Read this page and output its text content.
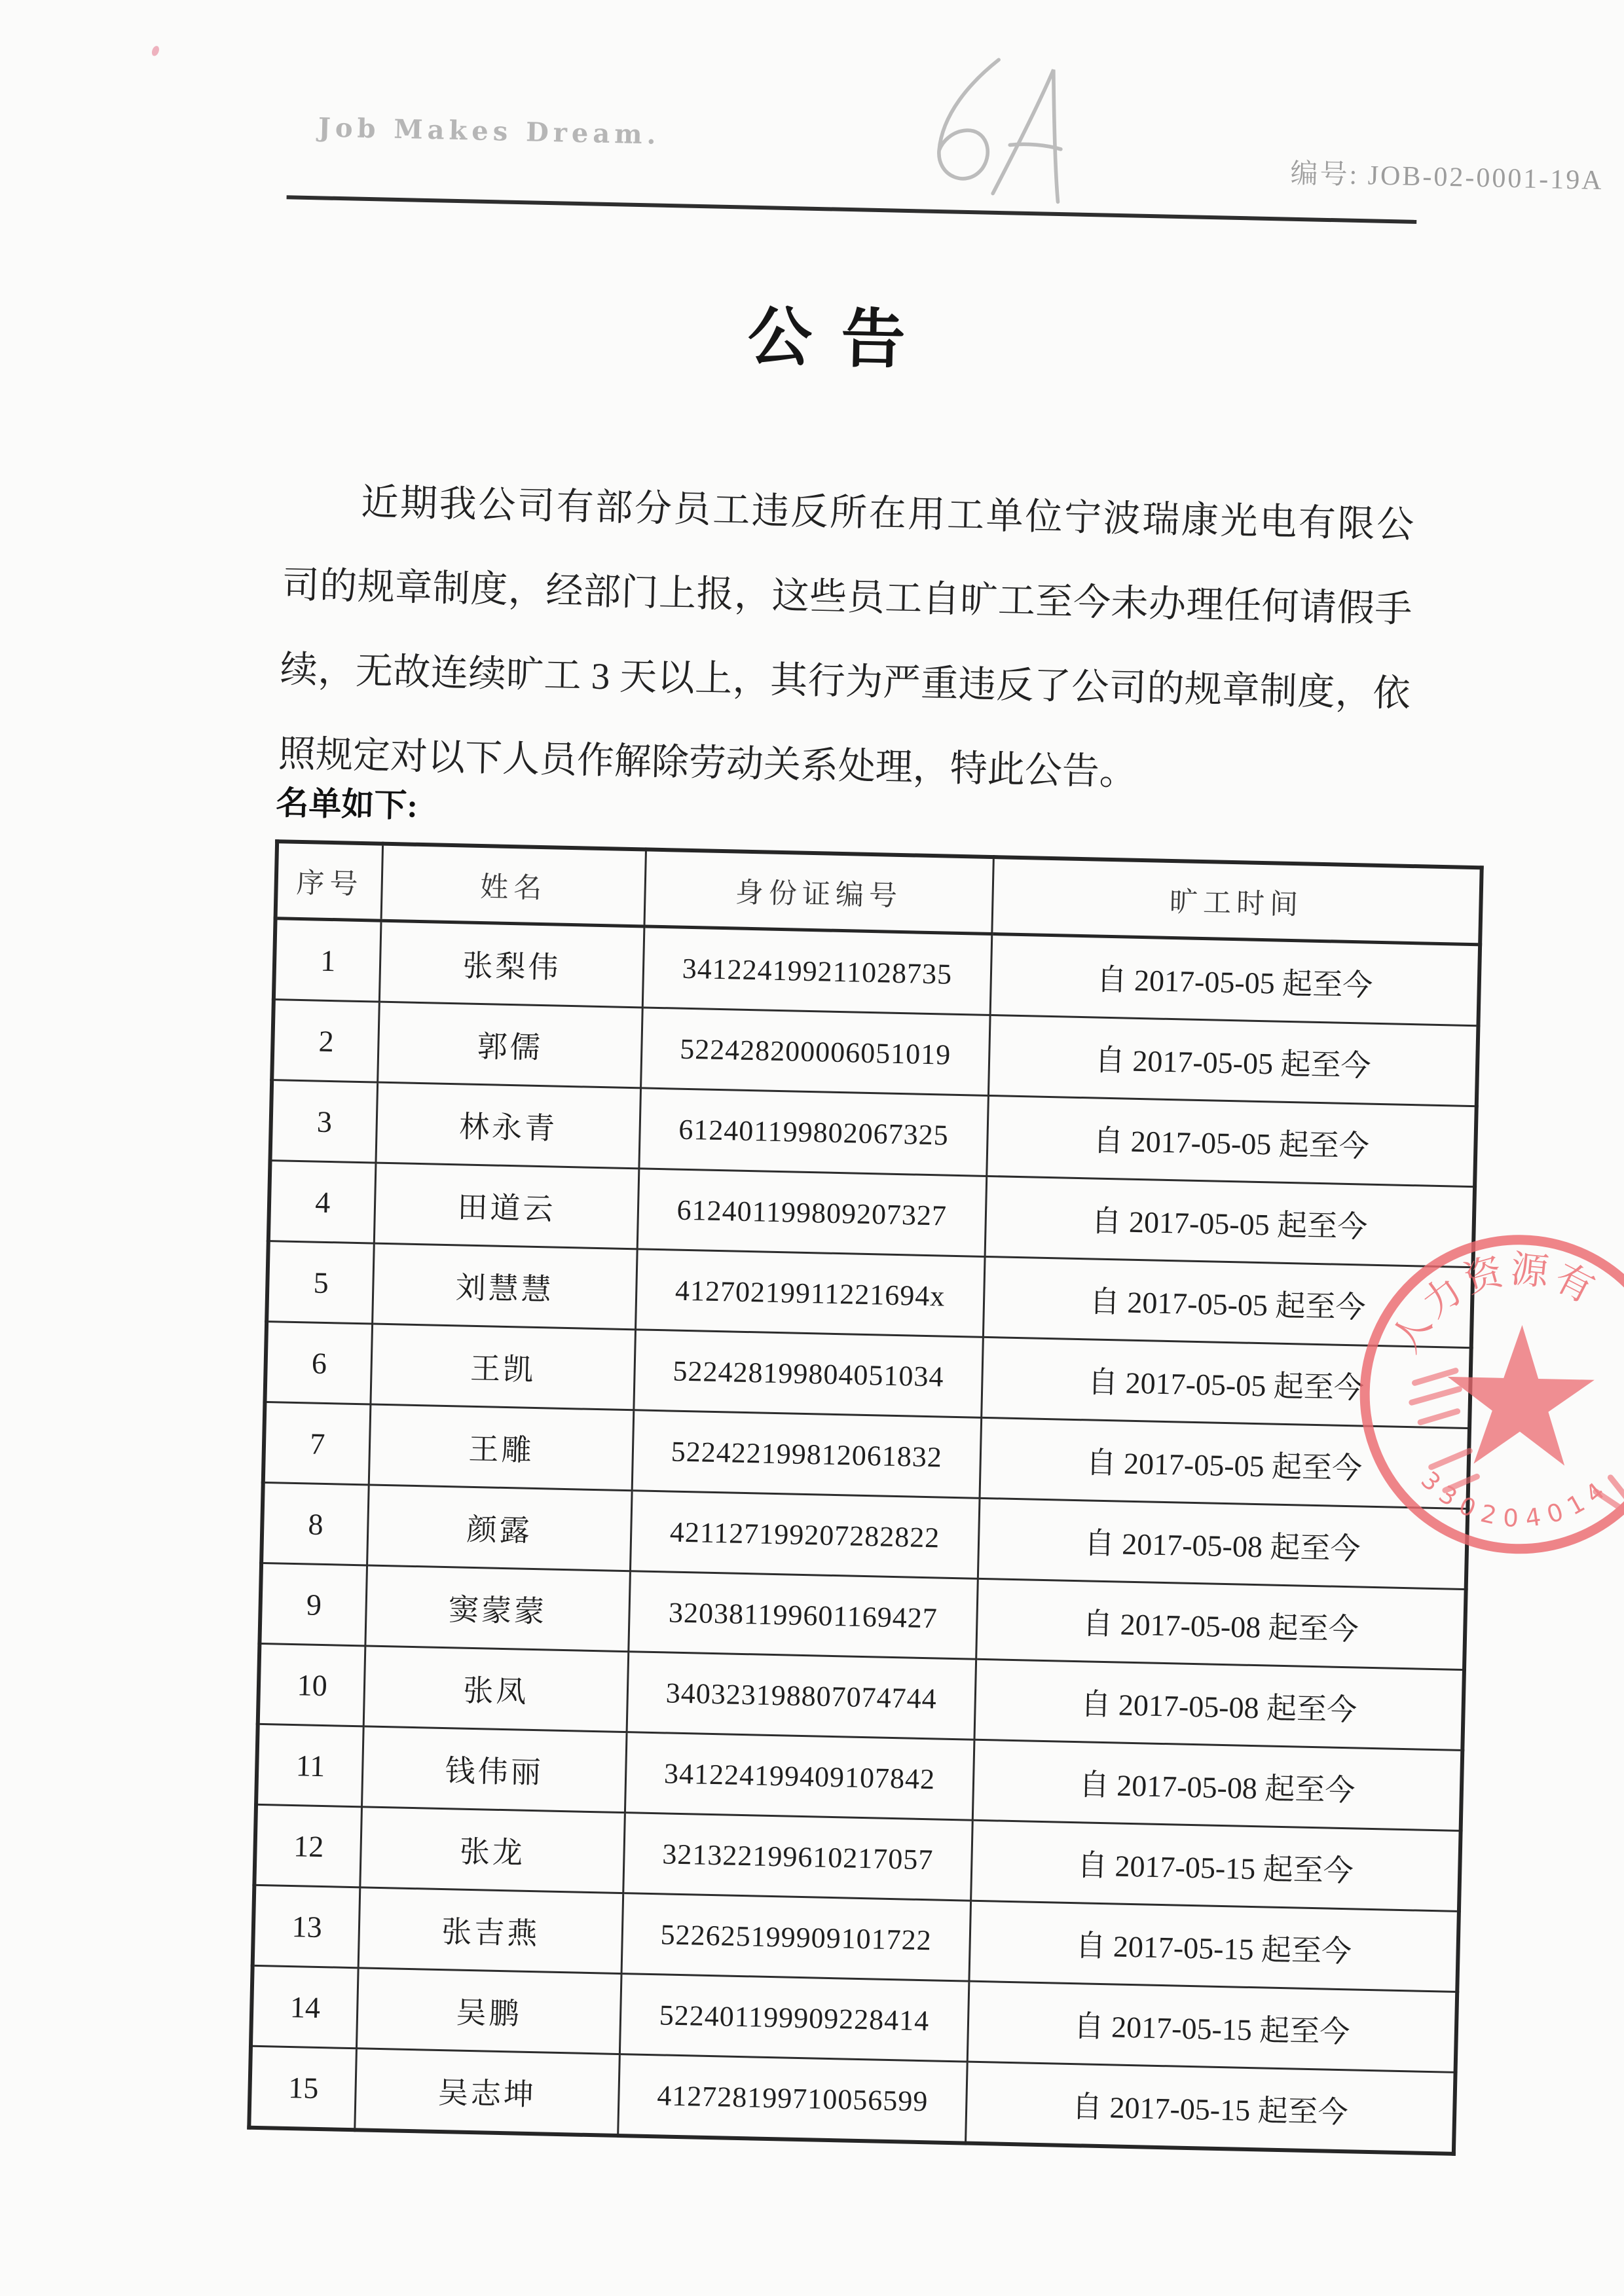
Job Makes Dream.
编号: JOB-02-0001-19A
公 告
近期我公司有部分员工违反所在用工单位宁波瑞康光电有限公
司的规章制度，经部门上报，这些员工自旷工至今未办理任何请假手
续，无故连续旷工 3 天以上，其行为严重违反了公司的规章制度，依
照规定对以下人员作解除劳动关系处理，特此公告。
名单如下:
序号	姓名	身份证编号	旷工时间
1	张梨伟	341224199211028735	自 2017-05-05 起至今
2	郭儒	522428200006051019	自 2017-05-05 起至今
3	林永青	612401199802067325	自 2017-05-05 起至今
4	田道云	612401199809207327	自 2017-05-05 起至今
5	刘慧慧	41270219911221694x	自 2017-05-05 起至今
6	王凯	522428199804051034	自 2017-05-05 起至今
7	王雕	522422199812061832	自 2017-05-05 起至今
8	颜露	421127199207282822	自 2017-05-08 起至今
9	窦蒙蒙	320381199601169427	自 2017-05-08 起至今
10	张凤	340323198807074744	自 2017-05-08 起至今
11	钱伟丽	341224199409107842	自 2017-05-08 起至今
12	张龙	321322199610217057	自 2017-05-15 起至今
13	张吉燕	522625199909101722	自 2017-05-15 起至今
14	吴鹏	522401199909228414	自 2017-05-15 起至今
15	吴志坤	412728199710056599	自 2017-05-15 起至今
人力资源有
330204014
